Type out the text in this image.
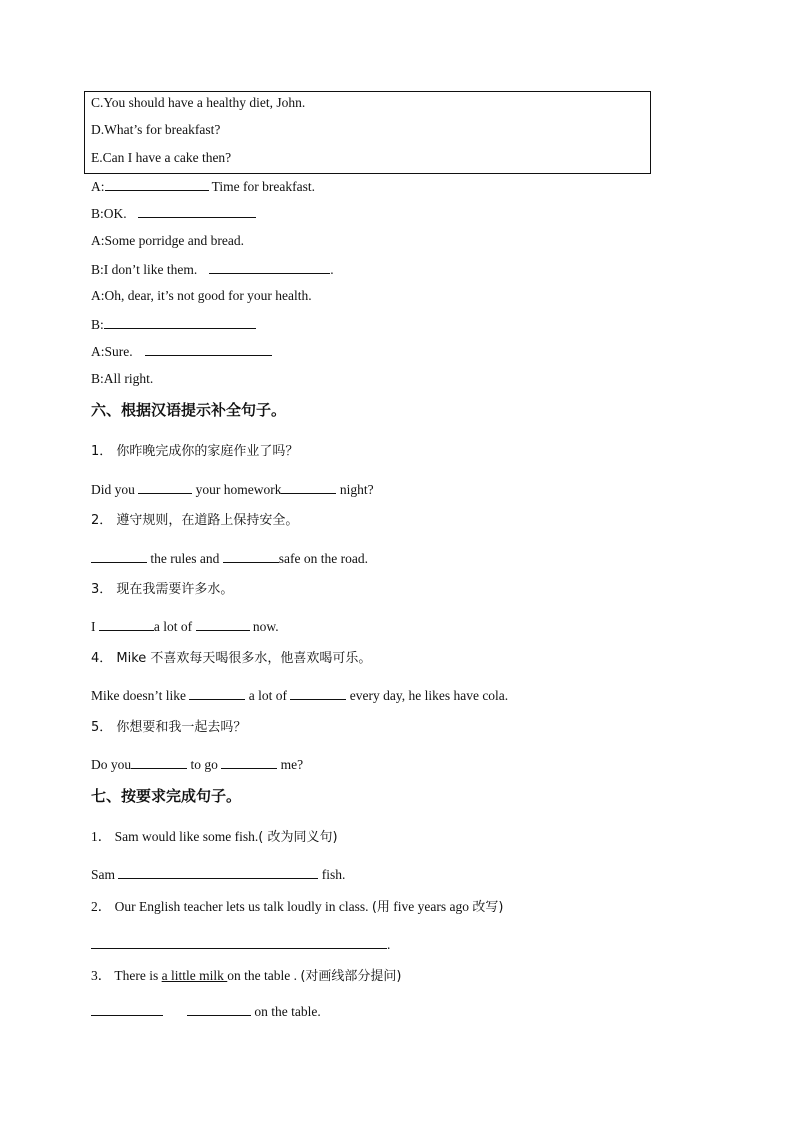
C.You should have a healthy diet, John.
D.What’s for breakfast?
E.Can I have a cake then?
A:	Time for breakfast.
B:OK.
A:Some porridge and bread.
B:I don’t like them.	.
A:Oh, dear, it’s not good for your health.
B:
A:Sure.
B:All right.
六、根据汉语提示补全句子。
1． 你昨晚完成你的家庭作业了吗？
Did you	your homework	night?
2． 遵守规则，在道路上保持安全。
the rules and	safe on the road.
3． 现在我需要许多水。
I	a lot of	now.
4． Mike 不喜欢每天喝很多水，他喜欢喝可乐。
Mike doesn’t like	a lot of	every day, he likes have cola.
5． 你想要和我一起去吗？
Do you	to go	me?
七、按要求完成句子。
1． Sam would like some fish.( 改为同义句)
Sam	fish.
2． Our English teacher lets us talk loudly in class. (用 five years ago 改写)
.
3． There is a little milk on the table . (对画线部分提问)
on the table.
